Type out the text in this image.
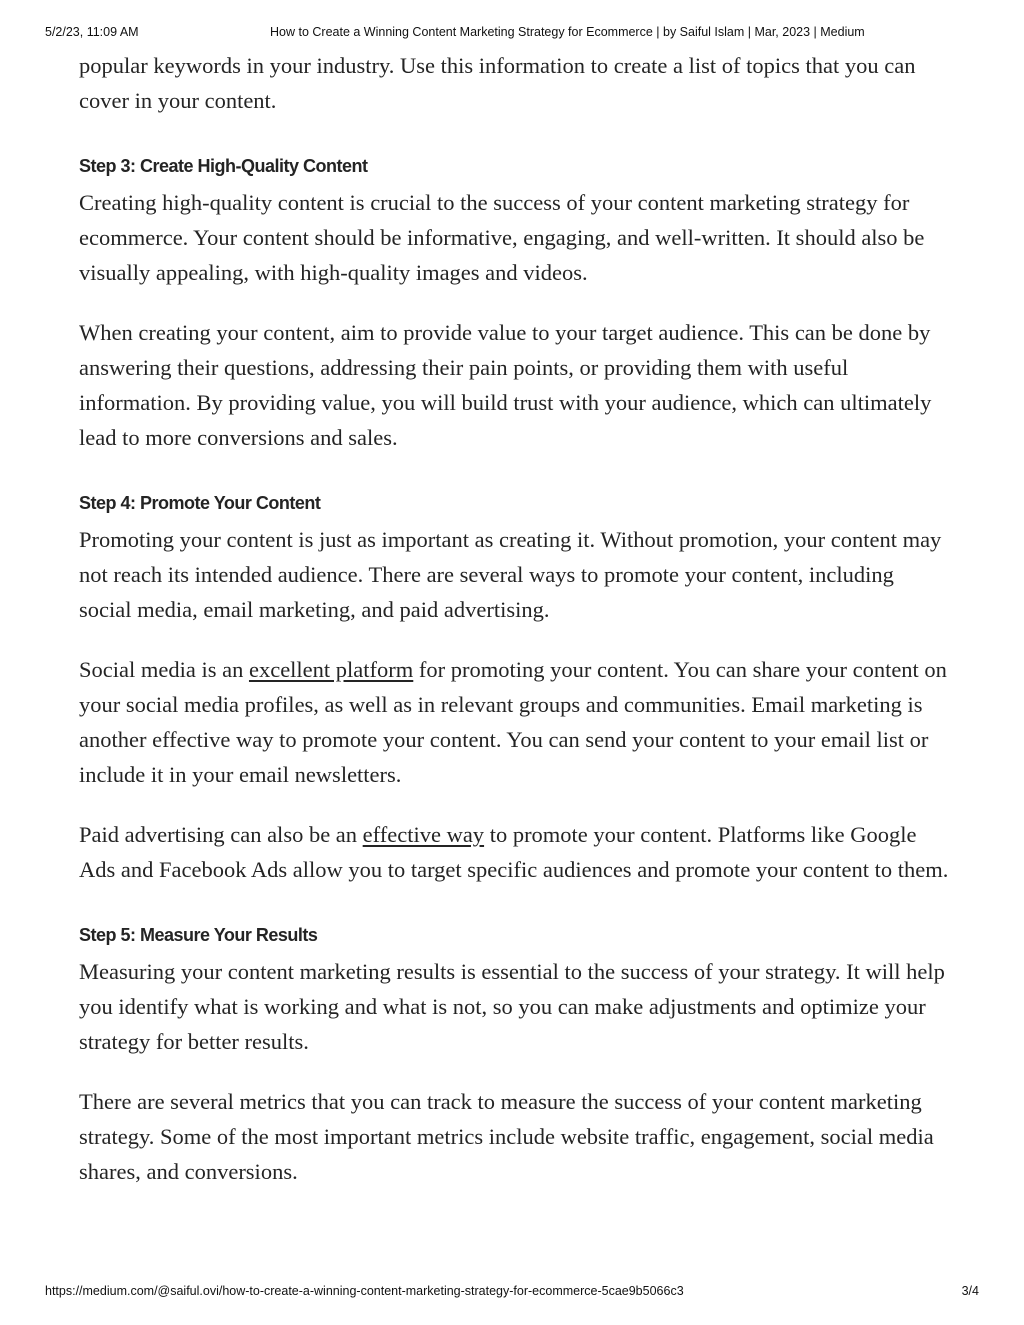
5/2/23, 11:09 AM	How to Create a Winning Content Marketing Strategy for Ecommerce | by Saiful Islam | Mar, 2023 | Medium

popular keywords in your industry. Use this information to create a list of topics that you can cover in your content.

Step 3: Create High-Quality Content

Creating high-quality content is crucial to the success of your content marketing strategy for ecommerce. Your content should be informative, engaging, and well-written. It should also be visually appealing, with high-quality images and videos.

When creating your content, aim to provide value to your target audience. This can be done by answering their questions, addressing their pain points, or providing them with useful information. By providing value, you will build trust with your audience, which can ultimately lead to more conversions and sales.

Step 4: Promote Your Content

Promoting your content is just as important as creating it. Without promotion, your content may not reach its intended audience. There are several ways to promote your content, including social media, email marketing, and paid advertising.

Social media is an excellent platform for promoting your content. You can share your content on your social media profiles, as well as in relevant groups and communities. Email marketing is another effective way to promote your content. You can send your content to your email list or include it in your email newsletters.

Paid advertising can also be an effective way to promote your content. Platforms like Google Ads and Facebook Ads allow you to target specific audiences and promote your content to them.

Step 5: Measure Your Results

Measuring your content marketing results is essential to the success of your strategy. It will help you identify what is working and what is not, so you can make adjustments and optimize your strategy for better results.

There are several metrics that you can track to measure the success of your content marketing strategy. Some of the most important metrics include website traffic, engagement, social media shares, and conversions.

https://medium.com/@saiful.ovi/how-to-create-a-winning-content-marketing-strategy-for-ecommerce-5cae9b5066c3	3/4
